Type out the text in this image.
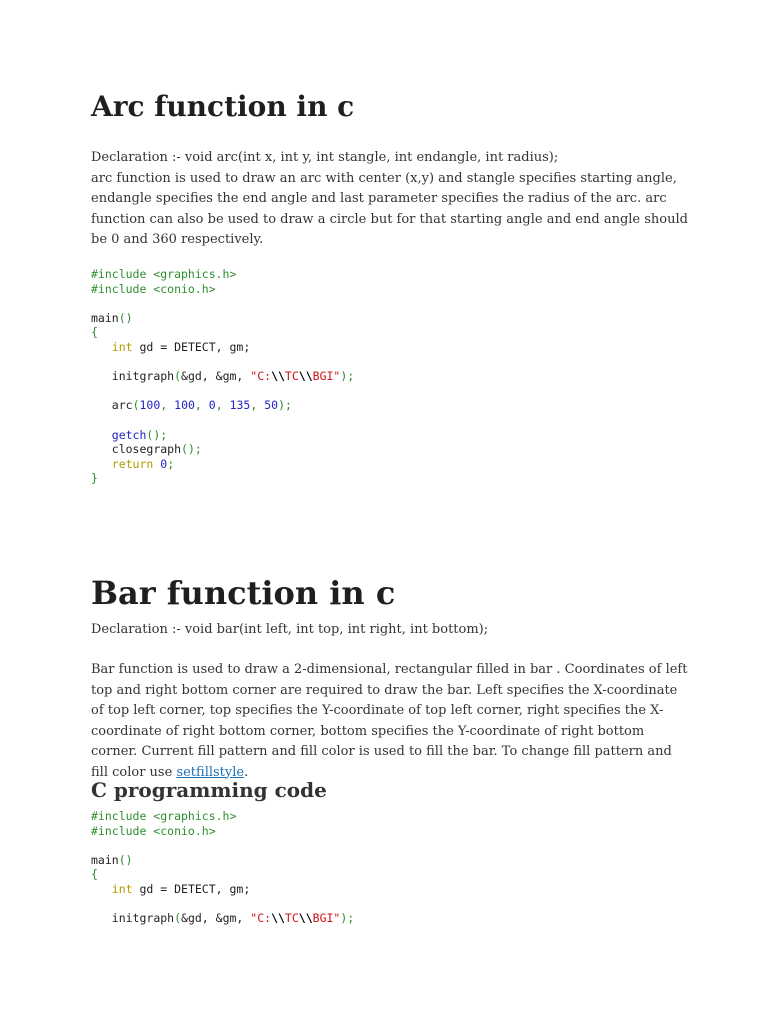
Arc function in c

Declaration :- void arc(int x, int y, int stangle, int endangle, int radius);

arc function is used to draw an arc with center (x,y) and stangle specifies starting angle, endangle specifies the end angle and last parameter specifies the radius of the arc. arc function can also be used to draw a circle but for that starting angle and end angle should be 0 and 360 respectively.

#include <graphics.h>
#include <conio.h>

main()
{
int gd = DETECT, gm;

initgraph(&gd, &gm, "C:\\TC\\BGI");

arc(100, 100, 0, 135, 50);

getch();
closegraph();
return 0;
}
Bar function in c

Declaration :- void bar(int left, int top, int right, int bottom);

Bar function is used to draw a 2-dimensional, rectangular filled in bar . Coordinates of left top and right bottom corner are required to draw the bar. Left specifies the X-coordinate of top left corner, top specifies the Y-coordinate of top left corner, right specifies the X-coordinate of right bottom corner, bottom specifies the Y-coordinate of right bottom corner. Current fill pattern and fill color is used to fill the bar. To change fill pattern and fill color use setfillstyle.

C programming code
#include <graphics.h>
#include <conio.h>

main()
{
int gd = DETECT, gm;

initgraph(&gd, &gm, "C:\\TC\\BGI");
